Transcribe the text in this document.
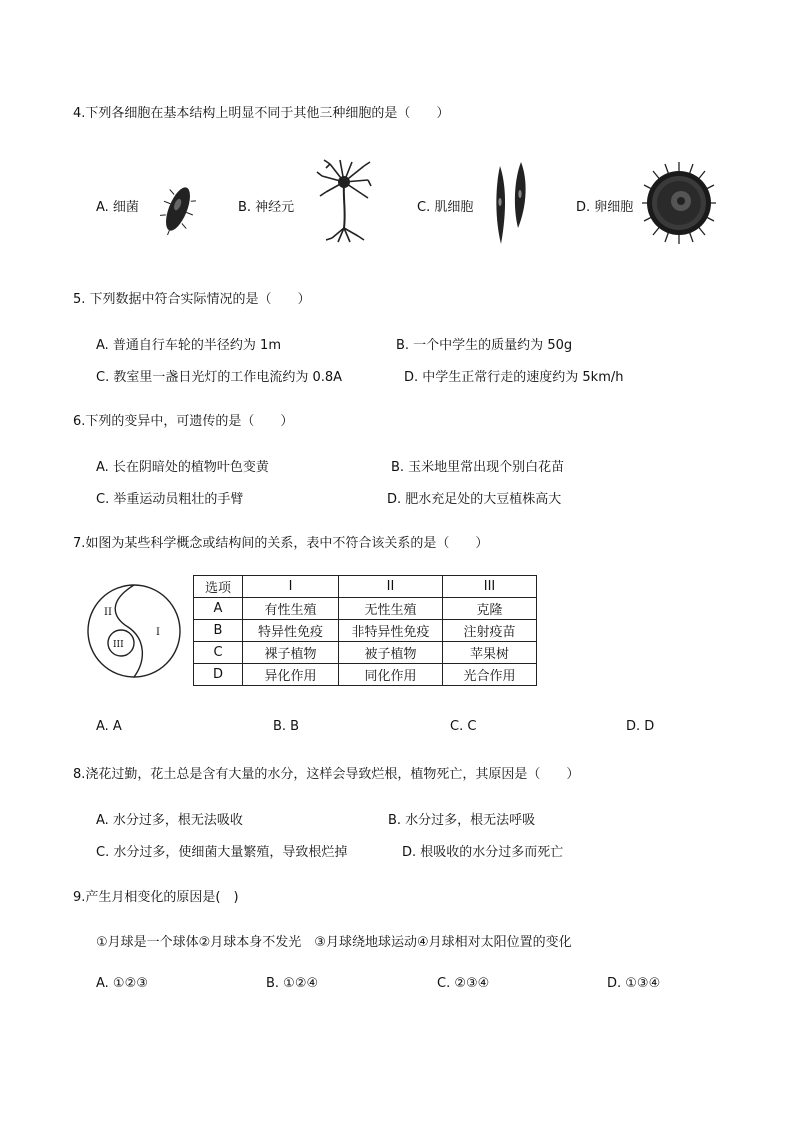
4.下列各细胞在基本结构上明显不同于其他三种细胞的是（　　）
A. 细菌	B. 神经元	C. 肌细胞	D. 卵细胞
5. 下列数据中符合实际情况的是（　　）
A. 普通自行车轮的半径约为 1m	B. 一个中学生的质量约为 50g
C. 教室里一盏日光灯的工作电流约为 0.8A	D. 中学生正常行走的速度约为 5km/h
6.下列的变异中，可遗传的是（　　）
A. 长在阴暗处的植物叶色变黄	B. 玉米地里常出现个别白花苗
C. 举重运动员粗壮的手臂	D. 肥水充足处的大豆植株高大
7.如图为某些科学概念或结构间的关系，表中不符合该关系的是（　　）
II
I
III
选项	I	II	III
A	有性生殖	无性生殖	克隆
B	特异性免疫	非特异性免疫	注射疫苗
C	裸子植物	被子植物	苹果树
D	异化作用	同化作用	光合作用
A. A	B. B	C. C	D. D
8.浇花过勤，花土总是含有大量的水分，这样会导致烂根，植物死亡，其原因是（　　）
A. 水分过多，根无法吸收	B. 水分过多，根无法呼吸
C. 水分过多，使细菌大量繁殖，导致根烂掉	D. 根吸收的水分过多而死亡
9.产生月相变化的原因是(　)
①月球是一个球体②月球本身不发光　③月球绕地球运动④月球相对太阳位置的变化
A. ①②③	B. ①②④	C. ②③④	D. ①③④
